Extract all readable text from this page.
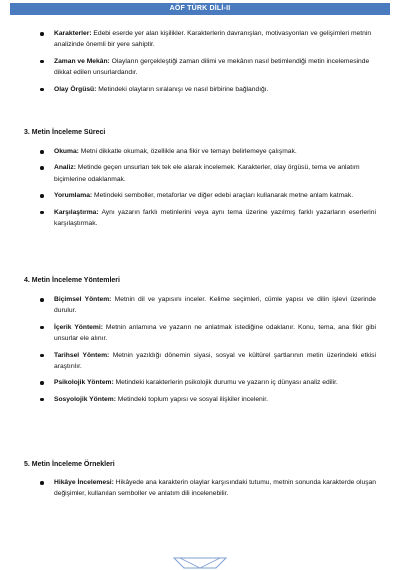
AÖF TÜRK DİLİ-II
Karakterler: Edebi eserde yer alan kişilikler. Karakterlerin davranışları, motivasyonları ve gelişimleri metnin analizinde önemli bir yere sahiptir.
Zaman ve Mekân: Olayların gerçekleştiği zaman dilimi ve mekânın nasıl betimlendiği metin incelemesinde dikkat edilen unsurlardandır.
Olay Örgüsü: Metindeki olayların sıralanışı ve nasıl birbirine bağlandığı.
3. Metin İnceleme Süreci
Okuma: Metni dikkatle okumak, özellikle ana fikir ve temayı belirlemeye çalışmak.
Analiz: Metinde geçen unsurları tek tek ele alarak incelemek. Karakterler, olay örgüsü, tema ve anlatım biçimlerine odaklanmak.
Yorumlama: Metindeki semboller, metaforlar ve diğer edebi araçları kullanarak metne anlam katmak.
Karşılaştırma: Aynı yazarın farklı metinlerini veya aynı tema üzerine yazılmış farklı yazarların eserlerini karşılaştırmak.
4. Metin İnceleme Yöntemleri
Biçimsel Yöntem: Metnin dil ve yapısını inceler. Kelime seçimleri, cümle yapısı ve dilin işlevi üzerinde durulur.
İçerik Yöntemi: Metnin anlamına ve yazarın ne anlatmak istediğine odaklanır. Konu, tema, ana fikir gibi unsurlar ele alınır.
Tarihsel Yöntem: Metnin yazıldığı dönemin siyasi, sosyal ve kültürel şartlarının metin üzerindeki etkisi araştırılır.
Psikolojik Yöntem: Metindeki karakterlerin psikolojik durumu ve yazarın iç dünyası analiz edilir.
Sosyolojik Yöntem: Metindeki toplum yapısı ve sosyal ilişkiler incelenir.
5. Metin İnceleme Örnekleri
Hikâye İncelemesi: Hikâyede ana karakterin olaylar karşısındaki tutumu, metnin sonunda karakterde oluşan değişimler, kullanılan semboller ve anlatım dili incelenebilir.
